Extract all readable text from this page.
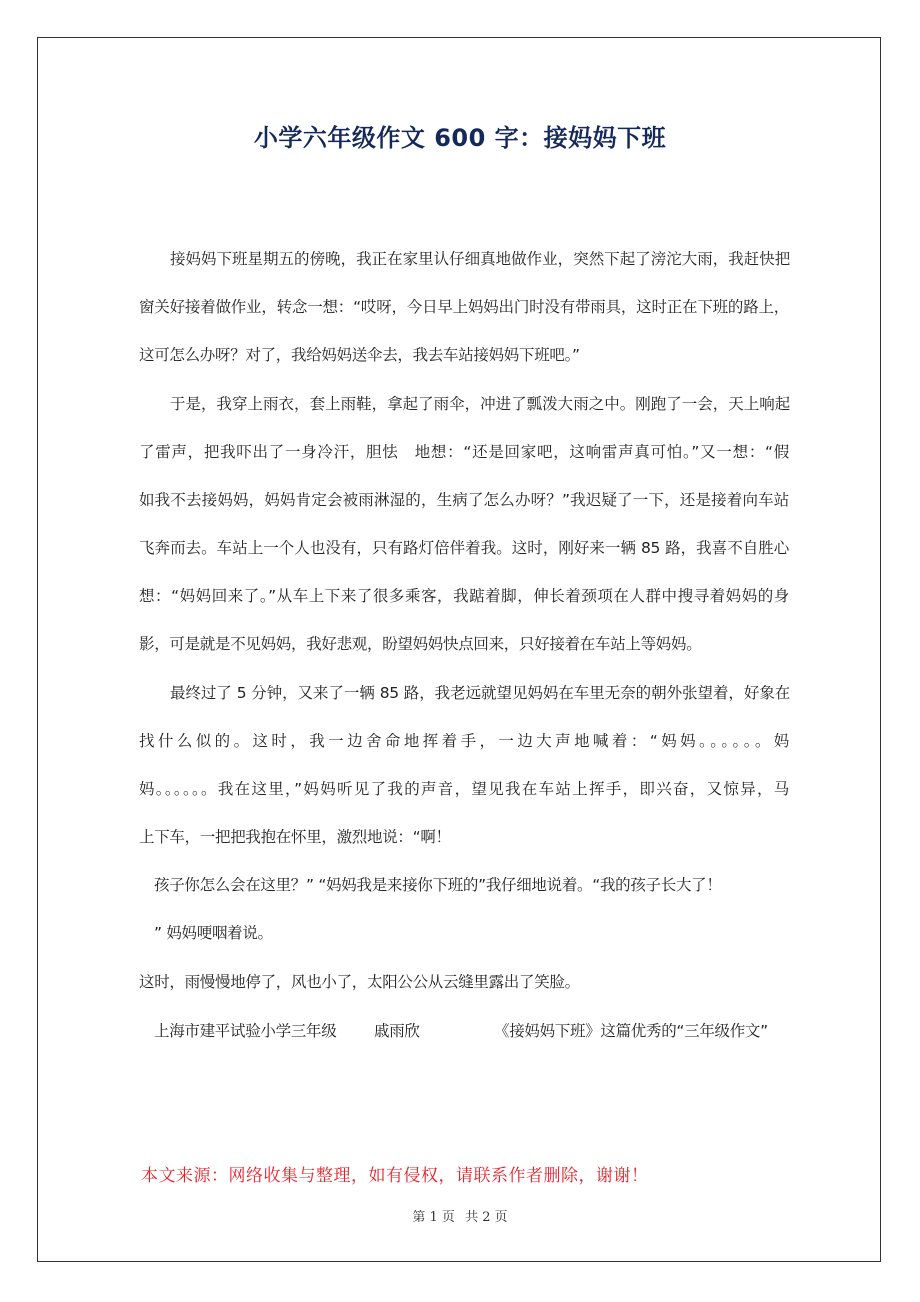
小学六年级作文 600 字：接妈妈下班
接妈妈下班星期五的傍晚，我正在家里认仔细真地做作业，突然下起了滂沱大雨，我赶快把
窗关好接着做作业，转念一想：“哎呀，今日早上妈妈出门时没有带雨具，这时正在下班的路上，
这可怎么办呀？对了，我给妈妈送伞去，我去车站接妈妈下班吧。”
于是，我穿上雨衣，套上雨鞋，拿起了雨伞，冲进了瓢泼大雨之中。刚跑了一会，天上响起
了雷声，把我吓出了一身冷汗，胆怯　地想：“还是回家吧，这响雷声真可怕。”又一想：“假
如我不去接妈妈，妈妈肯定会被雨淋湿的，生病了怎么办呀？”我迟疑了一下，还是接着向车站
飞奔而去。车站上一个人也没有，只有路灯倍伴着我。这时，刚好来一辆 85 路，我喜不自胜心
想：“妈妈回来了。”从车上下来了很多乘客，我踮着脚，伸长着颈项在人群中搜寻着妈妈的身
影，可是就是不见妈妈，我好悲观，盼望妈妈快点回来，只好接着在车站上等妈妈。
最终过了 5 分钟，又来了一辆 85 路，我老远就望见妈妈在车里无奈的朝外张望着，好象在
找什么似的。这时，我一边舍命地挥着手，一边大声地喊着：“妈妈。。。。。。妈
妈。。。。。。我在这里，”妈妈听见了我的声音，望见我在车站上挥手，即兴奋，又惊异，马
上下车，一把把我抱在怀里，激烈地说：“啊！
孩子你怎么会在这里？” “妈妈我是来接你下班的”我仔细地说着。“我的孩子长大了！
” 妈妈哽咽着说。
这时，雨慢慢地停了，风也小了，太阳公公从云缝里露出了笑脸。
上海市建平试验小学三年级 戚雨欣	《接妈妈下班》这篇优秀的“三年级作文”
本文来源：网络收集与整理，如有侵权，请联系作者删除，谢谢！
第 1 页 共 2 页
